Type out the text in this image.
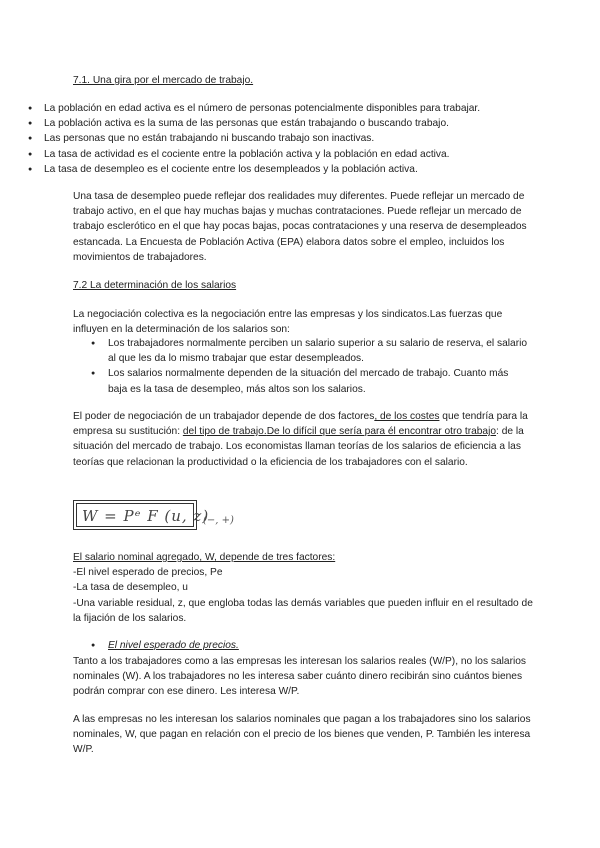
7.1. Una gira por el mercado de trabajo.

● La población en edad activa es el número de personas potencialmente disponibles para trabajar.
● La población activa es la suma de las personas que están trabajando o buscando trabajo.
● Las personas que no están trabajando ni buscando trabajo son inactivas.
● La tasa de actividad es el cociente entre la población activa y la población en edad activa.
● La tasa de desempleo es el cociente entre los desempleados y la población activa.

Una tasa de desempleo puede reflejar dos realidades muy diferentes. Puede reflejar un mercado de trabajo activo, en el que hay muchas bajas y muchas contrataciones. Puede reflejar un mercado de trabajo esclerótico en el que hay pocas bajas, pocas contrataciones y una reserva de desempleados estancada. La Encuesta de Población Activa (EPA) elabora datos sobre el empleo, incluidos los movimientos de trabajadores.

7.2 La determinación de los salarios

La negociación colectiva es la negociación entre las empresas y los sindicatos.Las fuerzas que influyen en la determinación de los salarios son:

● Los trabajadores normalmente perciben un salario superior a su salario de reserva, el salario al que les da lo mismo trabajar que estar desempleados.
● Los salarios normalmente dependen de la situación del mercado de trabajo. Cuanto más baja es la tasa de desempleo, más altos son los salarios.

El poder de negociación de un trabajador depende de dos factores, de los costes que tendría para la empresa su sustitución: del tipo de trabajo.De lo difícil que sería para él encontrar otro trabajo: de la situación del mercado de trabajo. Los economistas llaman teorías de los salarios de eficiencia a las teorías que relacionan la productividad o la eficiencia de los trabajadores con el salario.

W = Pᵉ F (u, z)
(−, +)
El salario nominal agregado, W, depende de tres factores:
-El nivel esperado de precios, Pe
-La tasa de desempleo, u
-Una variable residual, z, que engloba todas las demás variables que pueden influir en el resultado de la fijación de los salarios.
● El nivel esperado de precios.

Tanto a los trabajadores como a las empresas les interesan los salarios reales (W/P), no los salarios nominales (W). A los trabajadores no les interesa saber cuánto dinero recibirán sino cuántos bienes podrán comprar con ese dinero. Les interesa W/P.

A las empresas no les interesan los salarios nominales que pagan a los trabajadores sino los salarios nominales, W, que pagan en relación con el precio de los bienes que venden, P. También les interesa W/P.
